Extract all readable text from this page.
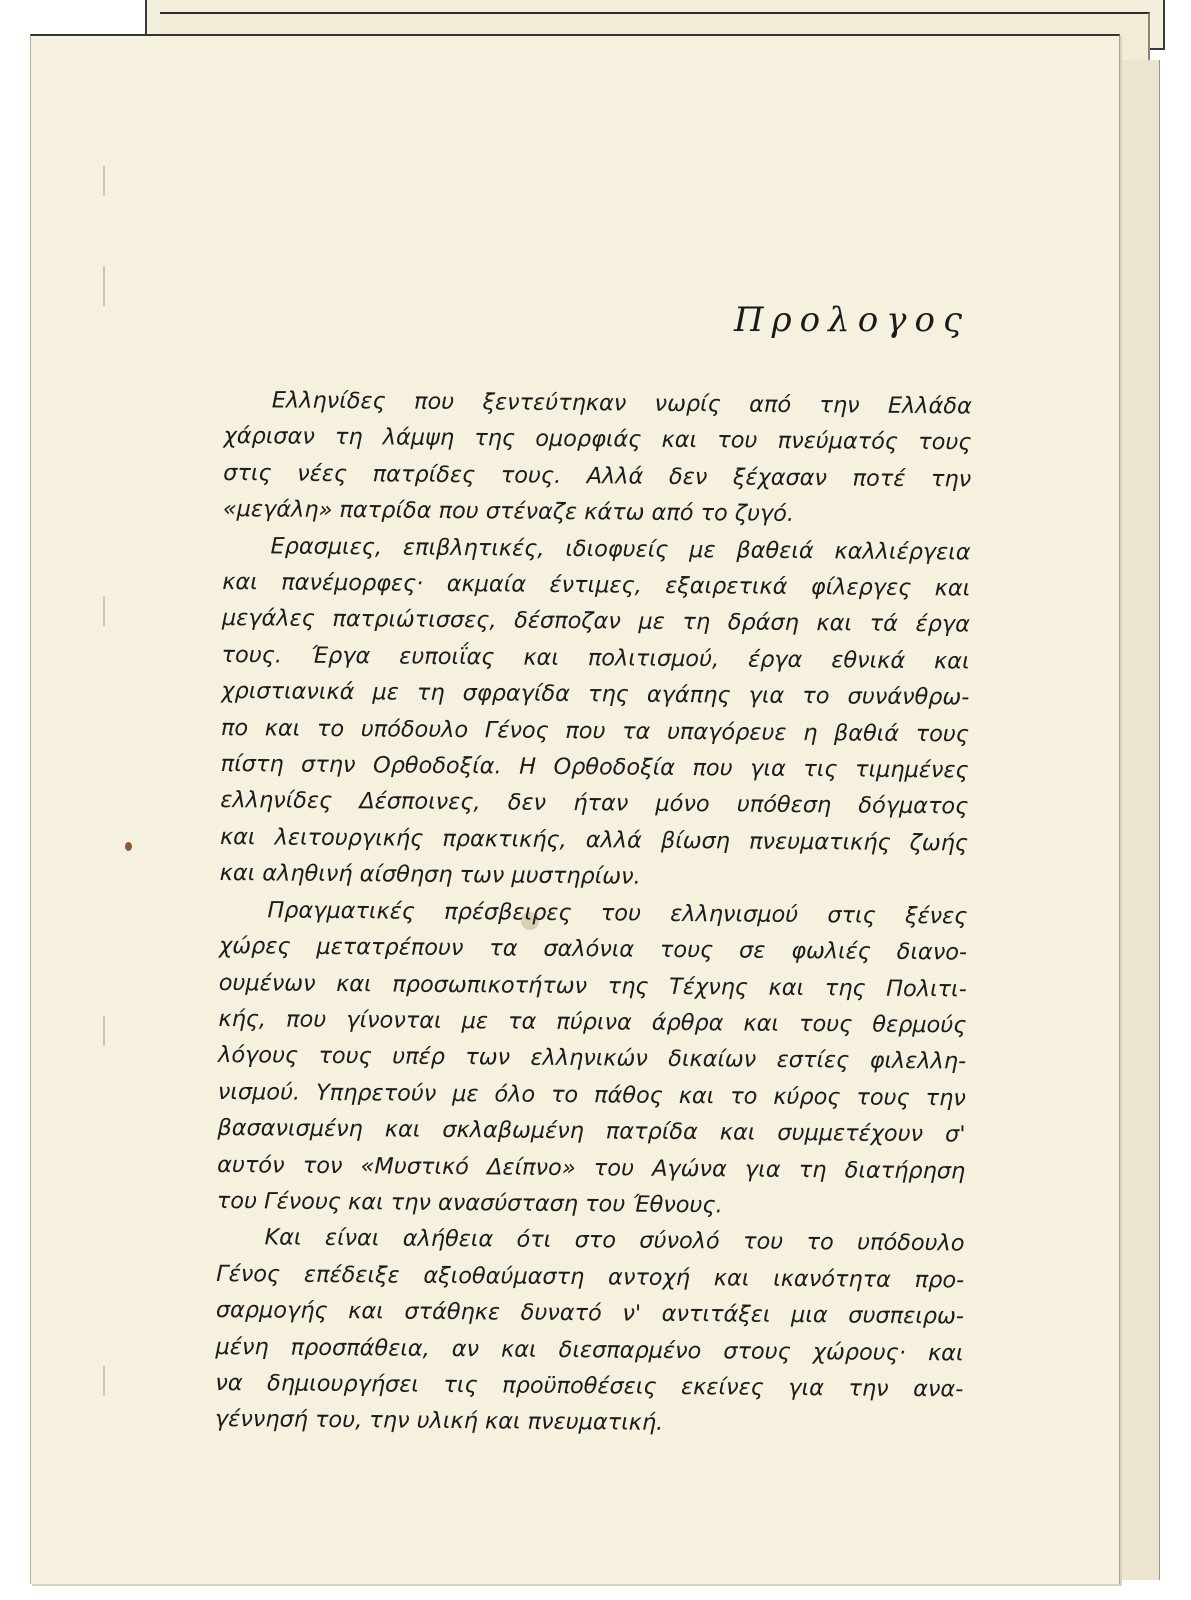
Προλογος
Ελληνίδες που ξεντεύτηκαν νωρίς από την Ελλάδα
χάρισαν τη λάμψη της ομορφιάς και του πνεύματός τους
στις νέες πατρίδες τους. Αλλά δεν ξέχασαν ποτέ την
«μεγάλη» πατρίδα που στέναζε κάτω από το ζυγό.
Ερασμιες, επιβλητικές, ιδιοφυείς με βαθειά καλλιέργεια
και πανέμορφες· ακμαία έντιμες, εξαιρετικά φίλεργες και
μεγάλες πατριώτισσες, δέσποζαν με τη δράση και τά έργα
τους. Έργα ευποιΐας και πολιτισμού, έργα εθνικά και
χριστιανικά με τη σφραγίδα της αγάπης για το συνάνθρω-
πο και το υπόδουλο Γένος που τα υπαγόρευε η βαθιά τους
πίστη στην Ορθοδοξία. Η Ορθοδοξία που για τις τιμημένες
ελληνίδες Δέσποινες, δεν ήταν μόνο υπόθεση δόγματος
και λειτουργικής πρακτικής, αλλά βίωση πνευματικής ζωής
και αληθινή αίσθηση των μυστηρίων.
Πραγματικές πρέσβειρες του ελληνισμού στις ξένες
χώρες μετατρέπουν τα σαλόνια τους σε φωλιές διανο-
ουμένων και προσωπικοτήτων της Τέχνης και της Πολιτι-
κής, που γίνονται με τα πύρινα άρθρα και τους θερμούς
λόγους τους υπέρ των ελληνικών δικαίων εστίες φιλελλη-
νισμού. Υπηρετούν με όλο το πάθος και το κύρος τους την
βασανισμένη και σκλαβωμένη πατρίδα και συμμετέχουν σ'
αυτόν τον «Μυστικό Δείπνο» του Αγώνα για τη διατήρηση
του Γένους και την ανασύσταση του Έθνους.
Και είναι αλήθεια ότι στο σύνολό του το υπόδουλο
Γένος επέδειξε αξιοθαύμαστη αντοχή και ικανότητα προ-
σαρμογής και στάθηκε δυνατό ν' αντιτάξει μια συσπειρω-
μένη προσπάθεια, αν και διεσπαρμένο στους χώρους· και
να δημιουργήσει τις προϋποθέσεις εκείνες για την ανα-
γέννησή του, την υλική και πνευματική.
